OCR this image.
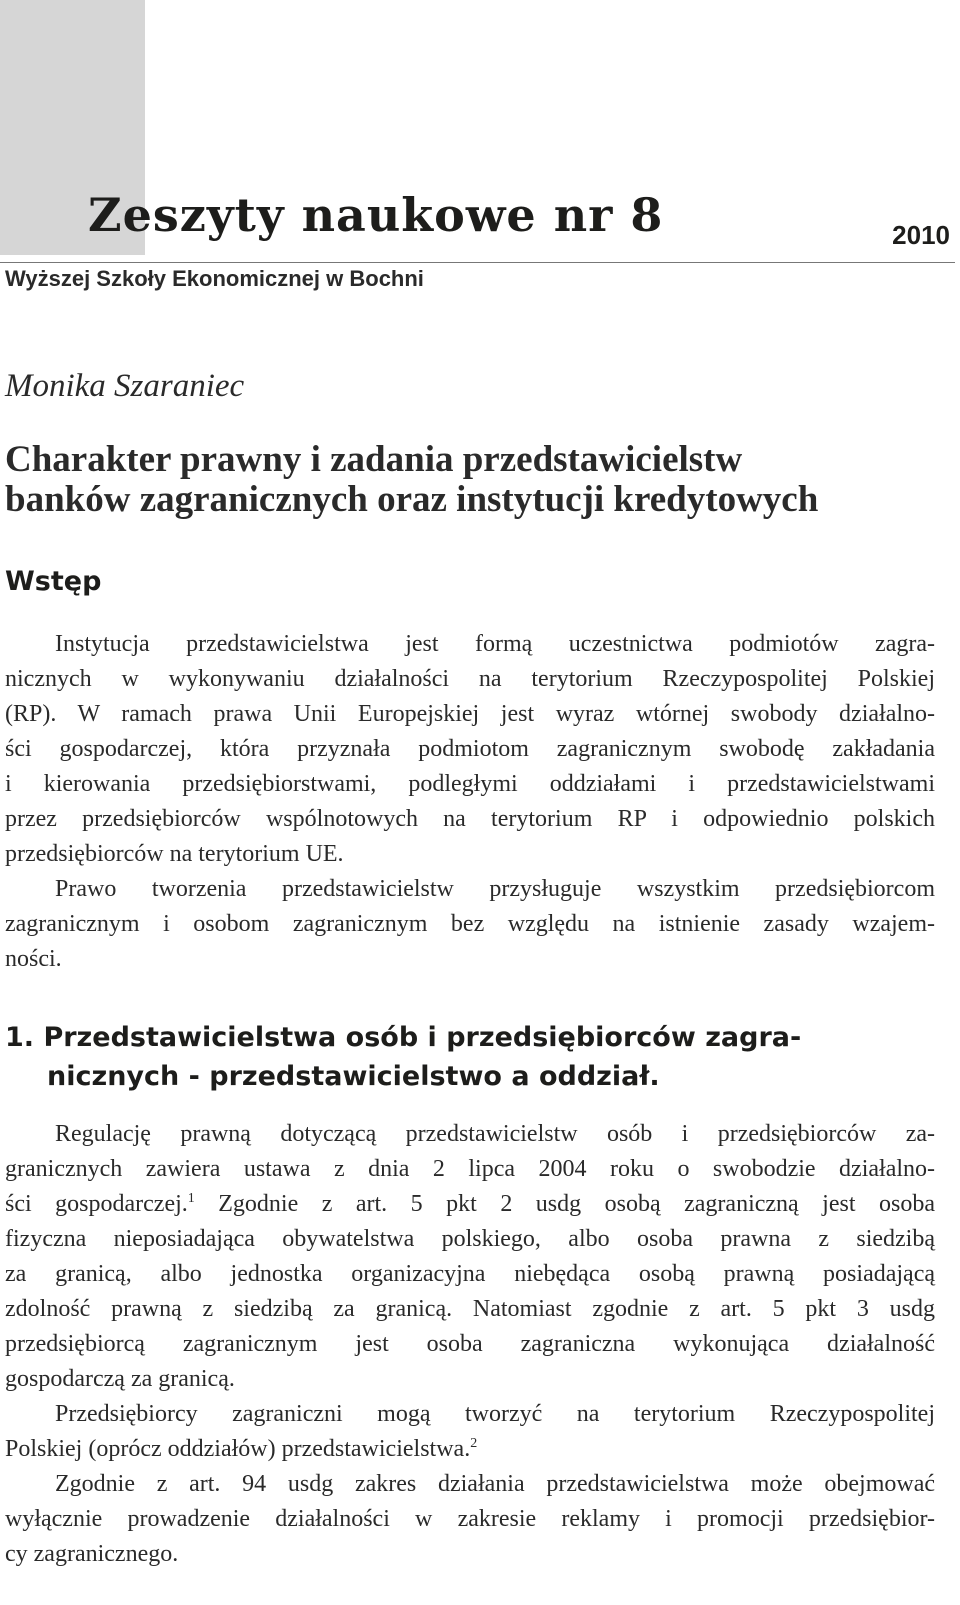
Zeszyty naukowe nr 8	2010
Wyższej Szkoły Ekonomicznej w Bochni
Monika Szaraniec
Charakter prawny i zadania przedstawicielstw
banków zagranicznych oraz instytucji kredytowych
Wstęp
Instytucja przedstawicielstwa jest formą uczestnictwa podmiotów zagra-
nicznych w wykonywaniu działalności na terytorium Rzeczypospolitej Polskiej
(RP). W ramach prawa Unii Europejskiej jest wyraz wtórnej swobody działalno-
ści gospodarczej, która przyznała podmiotom zagranicznym swobodę zakładania
i kierowania przedsiębiorstwami, podległymi oddziałami i przedstawicielstwami
przez przedsiębiorców wspólnotowych na terytorium RP i odpowiednio polskich
przedsiębiorców na terytorium UE.
Prawo tworzenia przedstawicielstw przysługuje wszystkim przedsiębiorcom
zagranicznym i osobom zagranicznym bez względu na istnienie zasady wzajem-
ności.
1. Przedstawicielstwa osób i przedsiębiorców zagra-
nicznych - przedstawicielstwo a oddział.
Regulację prawną dotyczącą przedstawicielstw osób i przedsiębiorców za-
granicznych zawiera ustawa z dnia 2 lipca 2004 roku o swobodzie działalno-
ści gospodarczej.$^1$ Zgodnie z art. 5 pkt 2 usdg osobą zagraniczną jest osoba
fizyczna nieposiadająca obywatelstwa polskiego, albo osoba prawna z siedzibą
za granicą, albo jednostka organizacyjna niebędąca osobą prawną posiadającą
zdolność prawną z siedzibą za granicą. Natomiast zgodnie z art. 5 pkt 3 usdg
przedsiębiorcą zagranicznym jest osoba zagraniczna wykonująca działalność
gospodarczą za granicą.
Przedsiębiorcy zagraniczni mogą tworzyć na terytorium Rzeczypospolitej
Polskiej (oprócz oddziałów) przedstawicielstwa.$^2$
Zgodnie z art. 94 usdg zakres działania przedstawicielstwa może obejmować
wyłącznie prowadzenie działalności w zakresie reklamy i promocji przedsiębior-
cy zagranicznego.
